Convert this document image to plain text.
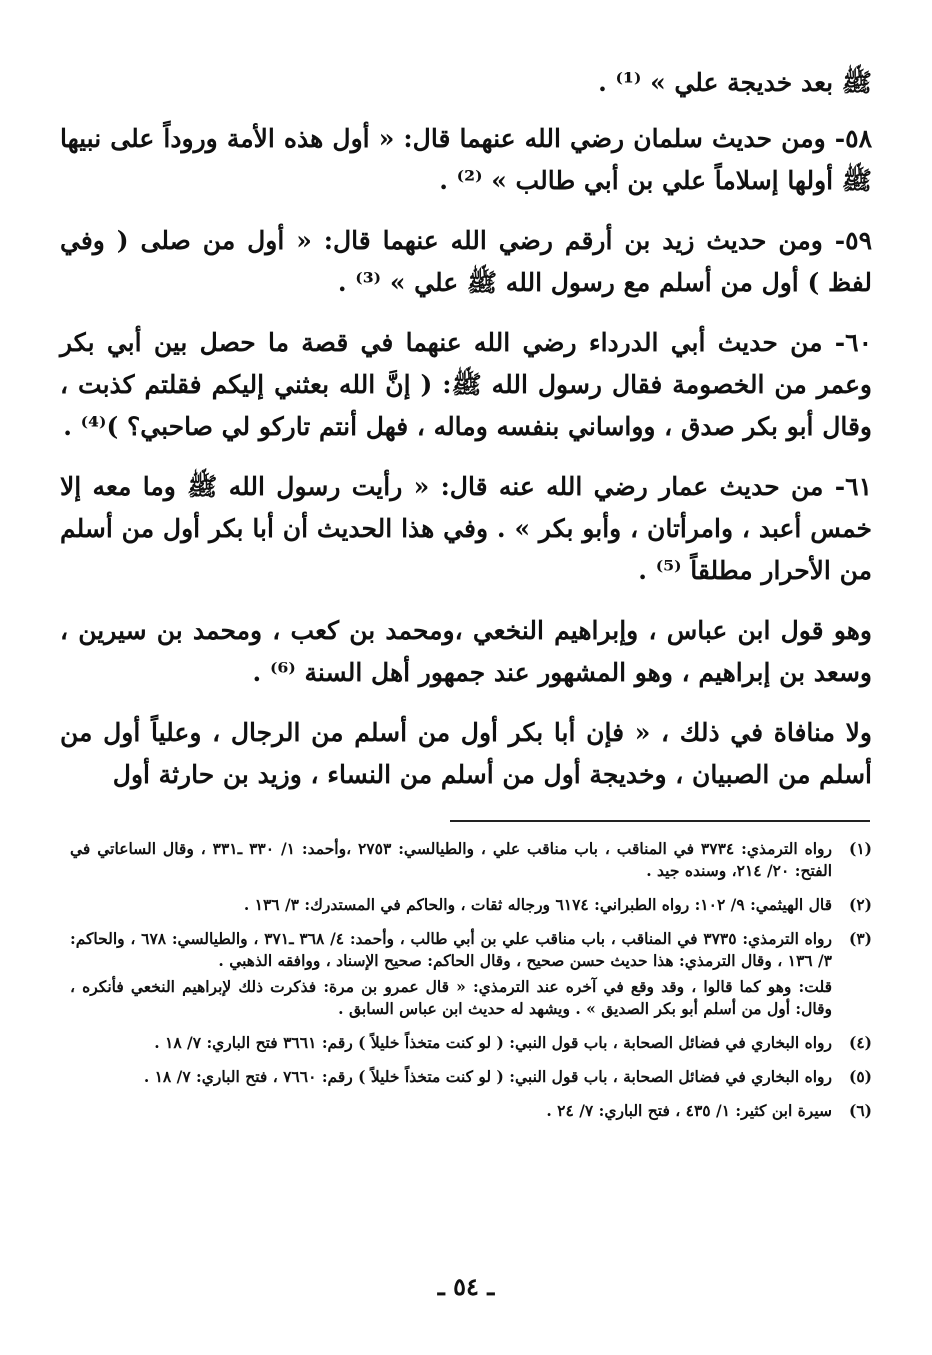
ﷺ بعد خديجة علي » ⁽¹⁾ .

٥٨- ومن حديث سلمان رضي الله عنهما قال: « أول هذه الأمة وروداً على نبيها ﷺ أولها إسلاماً علي بن أبي طالب » ⁽²⁾ .

٥٩- ومن حديث زيد بن أرقم رضي الله عنهما قال: « أول من صلى ( وفي لفظ ) أول من أسلم مع رسول الله ﷺ علي » ⁽³⁾ .

٦٠- من حديث أبي الدرداء رضي الله عنهما في قصة ما حصل بين أبي بكر وعمر من الخصومة فقال رسول الله ﷺ: ( إنَّ الله بعثني إليكم فقلتم كذبت ، وقال أبو بكر صدق ، وواساني بنفسه وماله ، فهل أنتم تاركو لي صاحبي؟ )⁽⁴⁾ .

٦١- من حديث عمار رضي الله عنه قال: « رأيت رسول الله ﷺ وما معه إلا خمس أعبد ، وامرأتان ، وأبو بكر » . وفي هذا الحديث أن أبا بكر أول من أسلم من الأحرار مطلقاً ⁽⁵⁾ .

وهو قول ابن عباس ، وإبراهيم النخعي ،ومحمد بن كعب ، ومحمد بن سيرين ، وسعد بن إبراهيم ، وهو المشهور عند جمهور أهل السنة ⁽⁶⁾ .

ولا منافاة في ذلك ، « فإن أبا بكر أول من أسلم من الرجال ، وعلياً أول من أسلم من الصبيان ، وخديجة أول من أسلم من النساء ، وزيد بن حارثة أول

(١)

رواه الترمذي: ٣٧٣٤ في المناقب ، باب مناقب علي ، والطيالسي: ٢٧٥٣ ،وأحمد: ١/ ٣٣٠ ـ٣٣١ ، وقال الساعاتي في الفتح: ٢٠/ ٢١٤، وسنده جيد .

(٢)

قال الهيثمي: ٩/ ١٠٢: رواه الطبراني: ٦١٧٤ ورجاله ثقات ، والحاكم في المستدرك: ٣/ ١٣٦ .

(٣)

رواه الترمذي: ٣٧٣٥ في المناقب ، باب مناقب علي بن أبي طالب ، وأحمد: ٤/ ٣٦٨ ـ٣٧١ ، والطيالسي: ٦٧٨ ، والحاكم: ٣/ ١٣٦ ، وقال الترمذي: هذا حديث حسن صحيح ، وقال الحاكم: صحيح الإسناد ، ووافقه الذهبي .

قلت: وهو كما قالوا ، وقد وقع في آخره عند الترمذي: « قال عمرو بن مرة: فذكرت ذلك لإبراهيم النخعي فأنكره ، وقال: أول من أسلم أبو بكر الصديق » . ويشهد له حديث ابن عباس السابق .

(٤)

رواه البخاري في فضائل الصحابة ، باب قول النبي: ( لو كنت متخذاً خليلاً ) رقم: ٣٦٦١ فتح الباري: ٧/ ١٨ .

(٥)

رواه البخاري في فضائل الصحابة ، باب قول النبي: ( لو كنت متخذاً خليلاً ) رقم: ٧٦٦٠ ، فتح الباري: ٧/ ١٨ .

(٦)

سيرة ابن كثير: ١/ ٤٣٥ ، فتح الباري: ٧/ ٢٤ .

ـ ٥٤ ـ
